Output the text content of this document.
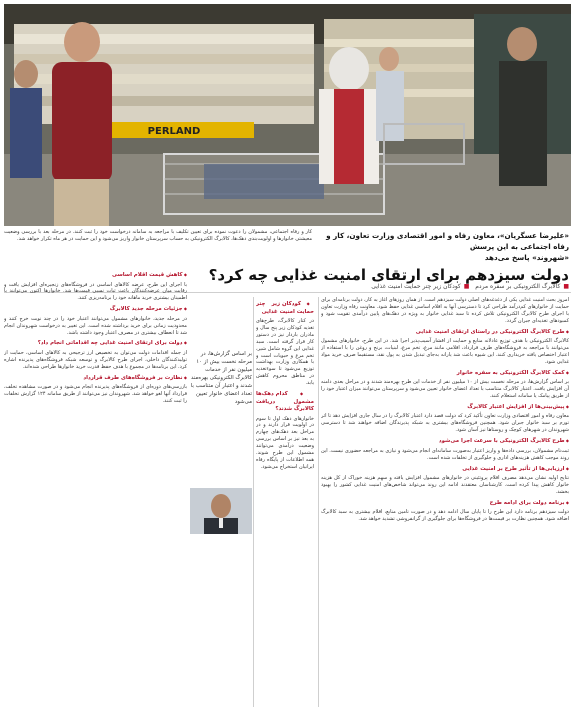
PERLAND
«علیرضا عسگریان»، معاون رفاه و امور اقتصادی وزارت تعاون، کار و رفاه اجتماعی به این پرسش
«شهروند» پاسخ می‌دهد
دولت سیزدهم برای ارتقای امنیت غذایی چه کرد؟
■کالابرگ الکترونیکی بر سفره مردم   ■کودکان زیر چتر حمایت امنیت غذایی
کار و رفاه اجتماعی، مشمولان را دعوت نموده برای تعیین تکلیف با مراجعه به سامانه درخواست خود را ثبت کنند. در مرحله بعد با بررسی وضعیت معیشتی خانوارها و اولویت‌بندی دهک‌ها، کالابرگ الکترونیکی به حساب سرپرستان خانوار واریز می‌شود و این حمایت در هر ماه تکرار خواهد شد.

امروز بحث امنیت غذایی یکی از دغدغه‌های اصلی دولت سیزدهم است. از همان روزهای آغاز به کار، دولت برنامه‌ای برای حمایت از خانوارهای کم‌درآمد طراحی کرد تا دسترسی آنها به اقلام اساسی غذایی حفظ شود. معاونت رفاه وزارت تعاون با اجرای طرح کالابرگ الکترونیکی تلاش کرده تا سبد غذایی خانوار به ویژه در دهک‌های پایین درآمدی تقویت شود و کمبودهای تغذیه‌ای جبران گردد.

◆ طرح کالابرگ الکترونیکی در راستای ارتقای امنیت غذایی

کالابرگ الکترونیکی با هدف توزیع عادلانه منابع و حمایت از اقشار آسیب‌پذیر اجرا شد. در این طرح، خانوارهای مشمول می‌توانند با مراجعه به فروشگاه‌های طرف قرارداد، اقلامی مانند مرغ، تخم مرغ، لبنیات، برنج و روغن را با استفاده از اعتبار اختصاص یافته خریداری کنند. این شیوه باعث شد یارانه به‌جای تبدیل شدن به پول نقد، مستقیما صرف خرید مواد غذایی شود.

◆ کمک کالابرگ الکترونیکی به سفره خانوار

بر اساس گزارش‌ها، در مرحله نخست بیش از ۱۰ میلیون نفر از خدمات این طرح بهره‌مند شدند و در مراحل بعدی دامنه آن افزایش یافت. اعتبار کالابرگ متناسب با تعداد اعضای خانوار تعیین می‌شود و سرپرستان می‌توانند میزان اعتبار خود را از طریق پیامک یا سامانه استعلام کنند.

◆ پیش‌بینی‌ها از افزایش اعتبار کالابرگ

معاون رفاه و امور اقتصادی وزارت تعاون تأکید کرد که دولت قصد دارد اعتبار کالابرگ را در سال جاری افزایش دهد تا اثر تورم بر سبد خانوار جبران شود. همچنین فروشگاه‌های بیشتری به شبکه پذیرندگان اضافه خواهند شد تا دسترسی شهروندان در شهرهای کوچک و روستاها نیز آسان شود.

◆ طرح کالابرگ الکترونیکی با سرعت اجرا می‌شود

ثبت‌نام مشمولان، بررسی داده‌ها و واریز اعتبار به‌صورت سامانه‌ای انجام می‌شود و نیازی به مراجعه حضوری نیست. این روند موجب کاهش هزینه‌های اداری و جلوگیری از تخلفات شده است.

◆ ارزیابی‌ها از تأثیر طرح بر امنیت غذایی

نتایج اولیه نشان می‌دهد مصرف اقلام پروتئینی در خانوارهای مشمول افزایش یافته و سهم هزینه خوراک از کل هزینه خانوار کاهش پیدا کرده است. کارشناسان معتقدند ادامه این روند می‌تواند شاخص‌های امنیت غذایی کشور را بهبود بخشد.

◆ برنامه دولت برای ادامه طرح

دولت سیزدهم برنامه دارد این طرح را تا پایان سال ادامه دهد و در صورت تامین منابع، اقلام بیشتری به سبد کالابرگ اضافه شود. همچنین نظارت بر قیمت‌ها در فروشگاه‌ها برای جلوگیری از گرانفروشی تشدید خواهد شد.

◆ کودکان زیر چتر حمایت امنیت غذایی

در کنار کالابرگ، طرح‌های تغذیه کودکان زیر پنج سال و مادران باردار نیز در دستور کار قرار گرفته است. سبد غذایی این گروه شامل شیر، تخم مرغ و حبوبات است و با همکاری وزارت بهداشت توزیع می‌شود تا سوءتغذیه در مناطق محروم کاهش یابد.

◆ کدام دهک‌ها مشمول دریافت کالابرگ شدند؟

خانوارهای دهک اول تا سوم در اولویت قرار دارند و در مراحل بعد دهک‌های چهارم به بعد نیز بر اساس بررسی وضعیت درآمدی می‌توانند مشمول این طرح شوند. همه اطلاعات از پایگاه رفاه ایرانیان استخراج می‌شود.

بر اساس گزارش‌ها، در مرحله نخست بیش از ۱۰ میلیون نفر از خدمات کالابرگ الکترونیکی بهره‌مند شدند و اعتبار آن متناسب با تعداد اعضای خانوار تعیین می‌شود
◆ کاهش قیمت اقلام اساسی

با اجرای این طرح، عرضه کالاهای اساسی در فروشگاه‌های زنجیره‌ای افزایش یافت و رقابت میان عرضه‌کنندگان باعث ثبات نسبی قیمت‌ها شد. خانوارها اکنون می‌توانند با اطمینان بیشتری خرید ماهانه خود را برنامه‌ریزی کنند.

◆ جزئیات مرحله جدید کالابرگ

در مرحله جدید، خانوارهای مشمول می‌توانند اعتبار خود را در چند نوبت خرج کنند و محدودیت زمانی برای خرید برداشته شده است. این تغییر به درخواست شهروندان انجام شد تا انعطاف بیشتری در مصرف اعتبار وجود داشته باشد.

◆ دولت برای ارتقای امنیت غذایی چه اقداماتی انجام داد؟

از جمله اقدامات دولت می‌توان به تخصیص ارز ترجیحی به کالاهای اساسی، حمایت از تولیدکنندگان داخلی، اجرای طرح کالابرگ و توسعه شبکه فروشگاه‌های پذیرنده اشاره کرد. این برنامه‌ها در مجموع با هدف حفظ قدرت خرید خانوارها طراحی شده‌اند.

◆ نظارت بر فروشگاه‌های طرف قرارداد

بازرسی‌های دوره‌ای از فروشگاه‌های پذیرنده انجام می‌شود و در صورت مشاهده تخلف، قرارداد آنها لغو خواهد شد. شهروندان نیز می‌توانند از طریق سامانه ۱۲۴ گزارش تخلفات را ثبت کنند.
